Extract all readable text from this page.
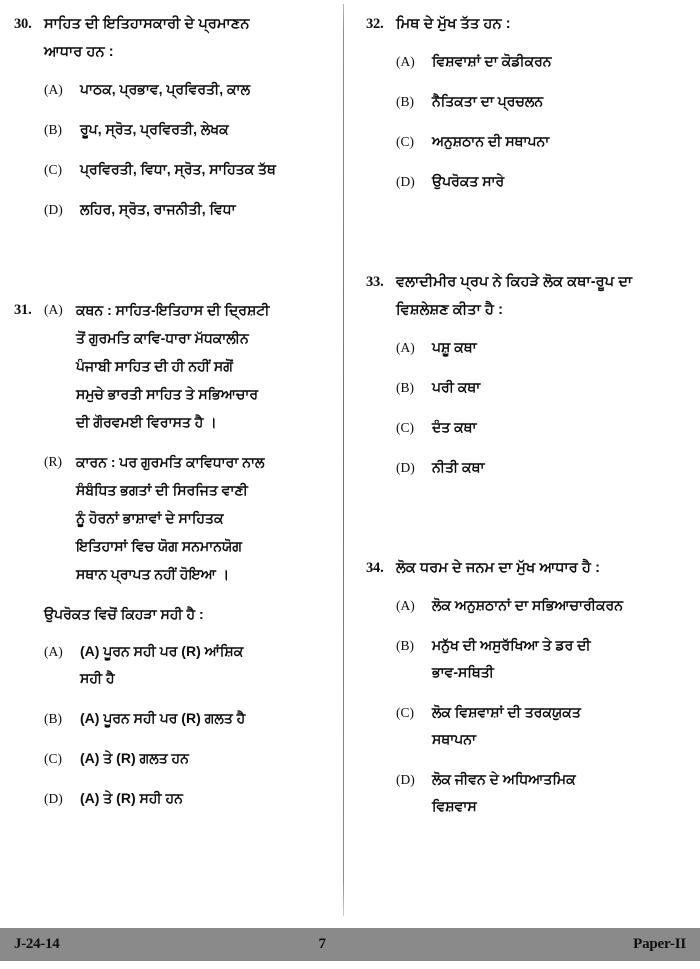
30. ਸਾਹਿਤ ਦੀ ਇਤਿਹਾਸਕਾਰੀ ਦੇ ਪ੍ਰਮਾਣਨ
ਆਧਾਰ ਹਨ :
(A)	ਪਾਠਕ, ਪ੍ਰਭਾਵ, ਪ੍ਰਵਿਰਤੀ, ਕਾਲ
(B)	ਰੂਪ, ਸ੍ਰੋਤ, ਪ੍ਰਵਿਰਤੀ, ਲੇਖਕ
(C)	ਪ੍ਰਵਿਰਤੀ, ਵਿਧਾ, ਸ੍ਰੋਤ, ਸਾਹਿਤਕ ਤੱਥ
(D)	ਲਹਿਰ, ਸ੍ਰੋਤ, ਰਾਜਨੀਤੀ, ਵਿਧਾ
31. (A) ਕਥਨ : ਸਾਹਿਤ-ਇਤਿਹਾਸ ਦੀ ਦ੍ਰਿਸ਼ਟੀ
ਤੋਂ ਗੁਰਮਤਿ ਕਾਵਿ-ਧਾਰਾ ਮੱਧਕਾਲੀਨ
ਪੰਜਾਬੀ ਸਾਹਿਤ ਦੀ ਹੀ ਨਹੀਂ ਸਗੋਂ
ਸਮੁਚੇ ਭਾਰਤੀ ਸਾਹਿਤ ਤੇ ਸਭਿਆਚਾਰ
ਦੀ ਗੌਰਵਮਈ ਵਿਰਾਸਤ ਹੈ ।
(R)	ਕਾਰਨ : ਪਰ ਗੁਰਮਤਿ ਕਾਵਿਧਾਰਾ ਨਾਲ
ਸੰਬੰਧਿਤ ਭਗਤਾਂ ਦੀ ਸਿਰਜਿਤ ਵਾਣੀ
ਨੂੰ ਹੋਰਨਾਂ ਭਾਸ਼ਾਵਾਂ ਦੇ ਸਾਹਿਤਕ
ਇਤਿਹਾਸਾਂ ਵਿਚ ਯੋਗ ਸਨਮਾਨਯੋਗ
ਸਥਾਨ ਪ੍ਰਾਪਤ ਨਹੀਂ ਹੋਇਆ ।
ਉਪਰੋਕਤ ਵਿਚੋਂ ਕਿਹੜਾ ਸਹੀ ਹੈ :
(A)	(A) ਪੂਰਨ ਸਹੀ ਪਰ (R) ਆਂਸ਼ਿਕ
ਸਹੀ ਹੈ
(B)	(A) ਪੂਰਨ ਸਹੀ ਪਰ (R) ਗਲਤ ਹੈ
(C)	(A) ਤੇ (R) ਗਲਤ ਹਨ
(D)	(A) ਤੇ (R) ਸਹੀ ਹਨ
32. ਮਿਥ ਦੇ ਮੁੱਖ ਤੱਤ ਹਨ :
(A)	ਵਿਸ਼ਵਾਸ਼ਾਂ ਦਾ ਕੋਡੀਕਰਨ
(B)	ਨੈਤਿਕਤਾ ਦਾ ਪ੍ਰਚਲਨ
(C)	ਅਨੁਸ਼ਠਾਨ ਦੀ ਸਥਾਪਨਾ
(D)	ਉਪਰੋਕਤ ਸਾਰੇ
33. ਵਲਾਦੀਮੀਰ ਪ੍ਰਪ ਨੇ ਕਿਹੜੇ ਲੋਕ ਕਥਾ-ਰੂਪ ਦਾ
ਵਿਸ਼ਲੇਸ਼ਣ ਕੀਤਾ ਹੈ :
(A)	ਪਸ਼ੂ ਕਥਾ
(B)	ਪਰੀ ਕਥਾ
(C)	ਦੰਤ ਕਥਾ
(D)	ਨੀਤੀ ਕਥਾ
34. ਲੋਕ ਧਰਮ ਦੇ ਜਨਮ ਦਾ ਮੁੱਖ ਆਧਾਰ ਹੈ :
(A)	ਲੋਕ ਅਨੁਸ਼ਠਾਨਾਂ ਦਾ ਸਭਿਆਚਾਰੀਕਰਨ
(B)	ਮਨੁੱਖ ਦੀ ਅਸੁਰੱਖਿਆ ਤੇ ਡਰ ਦੀ
ਭਾਵ-ਸਥਿਤੀ
(C)	ਲੋਕ ਵਿਸ਼ਵਾਸ਼ਾਂ ਦੀ ਤਰਕਯੁਕਤ
ਸਥਾਪਨਾ
(D)	ਲੋਕ ਜੀਵਨ ਦੇ ਅਧਿਆਤਮਿਕ
ਵਿਸ਼ਵਾਸ
J-24-14	7	Paper-II
